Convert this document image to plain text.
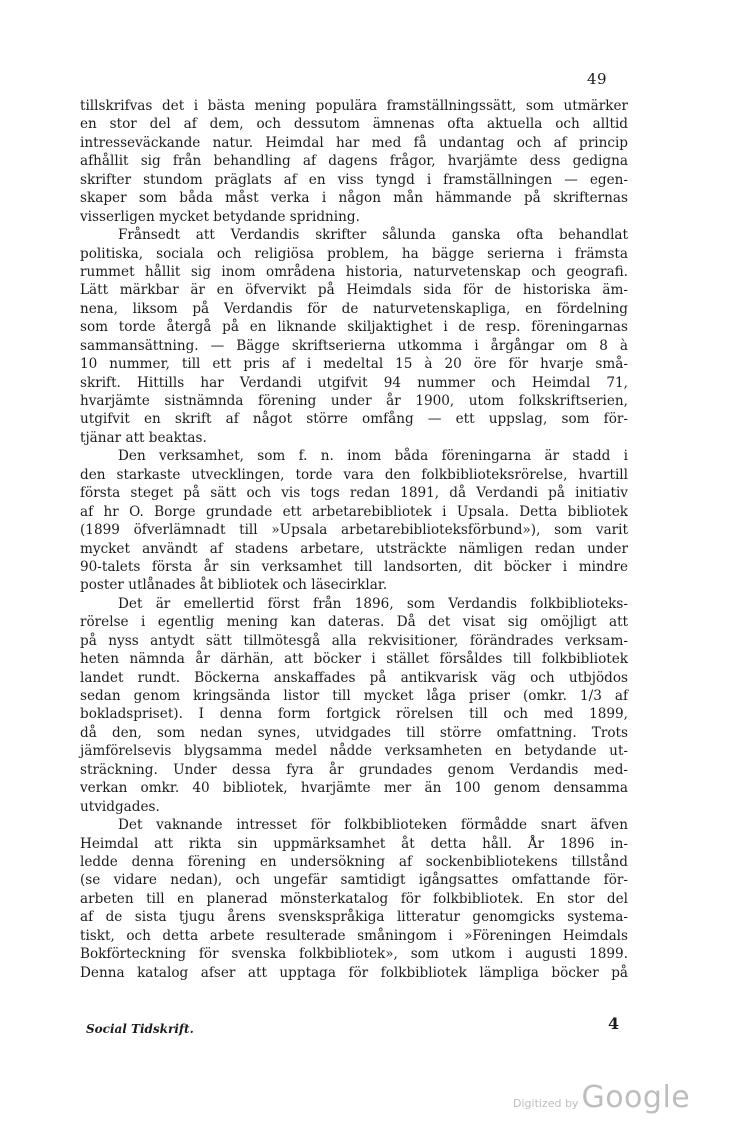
49
tillskrifvas det i bästa mening populära framställningssätt, som utmärker
en stor del af dem, och dessutom ämnenas ofta aktuella och alltid
intresseväckande natur. Heimdal har med få undantag och af princip
afhållit sig från behandling af dagens frågor, hvarjämte dess gedigna
skrifter stundom präglats af en viss tyngd i framställningen — egen-
skaper som båda måst verka i någon mån hämmande på skrifternas
visserligen mycket betydande spridning.
Frånsedt att Verdandis skrifter sålunda ganska ofta behandlat
politiska, sociala och religiösa problem, ha bägge serierna i främsta
rummet hållit sig inom områdena historia, naturvetenskap och geografi.
Lätt märkbar är en öfvervikt på Heimdals sida för de historiska äm-
nena, liksom på Verdandis för de naturvetenskapliga, en fördelning
som torde återgå på en liknande skiljaktighet i de resp. föreningarnas
sammansättning. — Bägge skriftserierna utkomma i årgångar om 8 à
10 nummer, till ett pris af i medeltal 15 à 20 öre för hvarje små-
skrift. Hittills har Verdandi utgifvit 94 nummer och Heimdal 71,
hvarjämte sistnämnda förening under år 1900, utom folkskriftserien,
utgifvit en skrift af något större omfång — ett uppslag, som för-
tjänar att beaktas.
Den verksamhet, som f. n. inom båda föreningarna är stadd i
den starkaste utvecklingen, torde vara den folkbiblioteksrörelse, hvartill
första steget på sätt och vis togs redan 1891, då Verdandi på initiativ
af hr O. Borge grundade ett arbetarebibliotek i Upsala. Detta bibliotek
(1899 öfverlämnadt till »Upsala arbetarebiblioteksförbund»), som varit
mycket användt af stadens arbetare, utsträckte nämligen redan under
90-talets första år sin verksamhet till landsorten, dit böcker i mindre
poster utlånades åt bibliotek och läsecirklar.
Det är emellertid först från 1896, som Verdandis folkbiblioteks-
rörelse i egentlig mening kan dateras. Då det visat sig omöjligt att
på nyss antydt sätt tillmötesgå alla rekvisitioner, förändrades verksam-
heten nämnda år därhän, att böcker i stället försåldes till folkbibliotek
landet rundt. Böckerna anskaffades på antikvarisk väg och utbjödos
sedan genom kringsända listor till mycket låga priser (omkr. 1/3 af
bokladspriset). I denna form fortgick rörelsen till och med 1899,
då den, som nedan synes, utvidgades till större omfattning. Trots
jämförelsevis blygsamma medel nådde verksamheten en betydande ut-
sträckning. Under dessa fyra år grundades genom Verdandis med-
verkan omkr. 40 bibliotek, hvarjämte mer än 100 genom densamma
utvidgades.
Det vaknande intresset för folkbiblioteken förmådde snart äfven
Heimdal att rikta sin uppmärksamhet åt detta håll. År 1896 in-
ledde denna förening en undersökning af sockenbibliotekens tillstånd
(se vidare nedan), och ungefär samtidigt igångsattes omfattande för-
arbeten till en planerad mönsterkatalog för folkbibliotek. En stor del
af de sista tjugu årens svenskspråkiga litteratur genomgicks systema-
tiskt, och detta arbete resulterade småningom i »Föreningen Heimdals
Bokförteckning för svenska folkbibliotek», som utkom i augusti 1899.
Denna katalog afser att upptaga för folkbibliotek lämpliga böcker på
Social Tidskrift.	4
Digitized by Google
